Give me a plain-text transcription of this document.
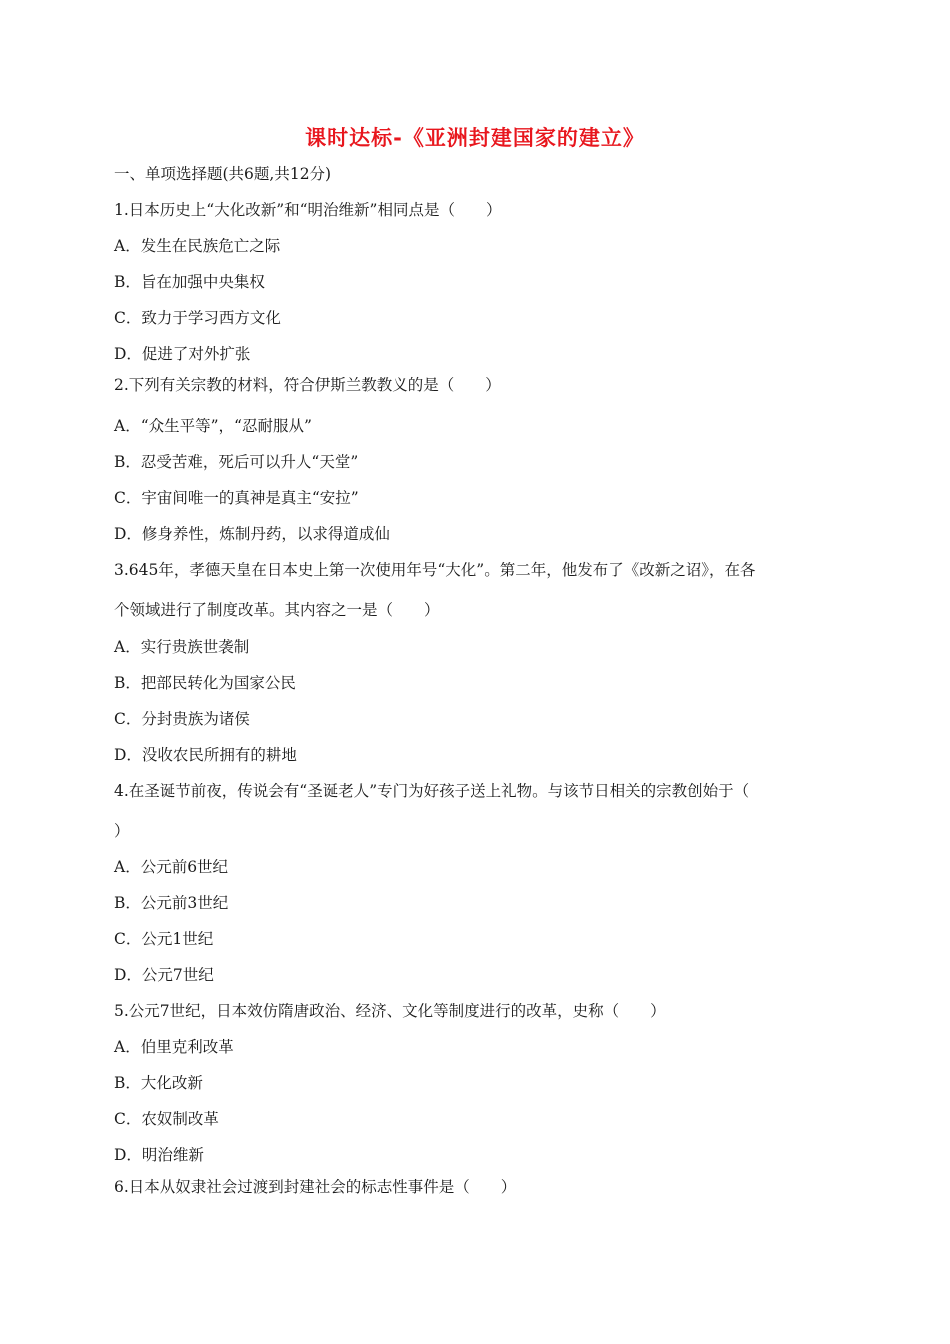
课时达标-《亚洲封建国家的建立》
一、单项选择题(共6题,共12分)
1.日本历史上“大化改新”和“明治维新”相同点是（　　）
A．发生在民族危亡之际
B．旨在加强中央集权
C．致力于学习西方文化
D．促进了对外扩张
2.下列有关宗教的材料，符合伊斯兰教教义的是（　　）
A．“众生平等”，“忍耐服从”
B．忍受苦难，死后可以升人“天堂”
C．宇宙间唯一的真神是真主“安拉”
D．修身养性，炼制丹药，以求得道成仙
3.645年，孝德天皇在日本史上第一次使用年号“大化”。第二年，他发布了《改新之诏》，在各
个领域进行了制度改革。其内容之一是（　　）
A．实行贵族世袭制
B．把部民转化为国家公民
C．分封贵族为诸侯
D．没收农民所拥有的耕地
4.在圣诞节前夜，传说会有“圣诞老人”专门为好孩子送上礼物。与该节日相关的宗教创始于（
）
A．公元前6世纪
B．公元前3世纪
C．公元1世纪
D．公元7世纪
5.公元7世纪，日本效仿隋唐政治、经济、文化等制度进行的改革，史称（　　）
A．伯里克利改革
B．大化改新
C．农奴制改革
D．明治维新
6.日本从奴隶社会过渡到封建社会的标志性事件是（　　）
